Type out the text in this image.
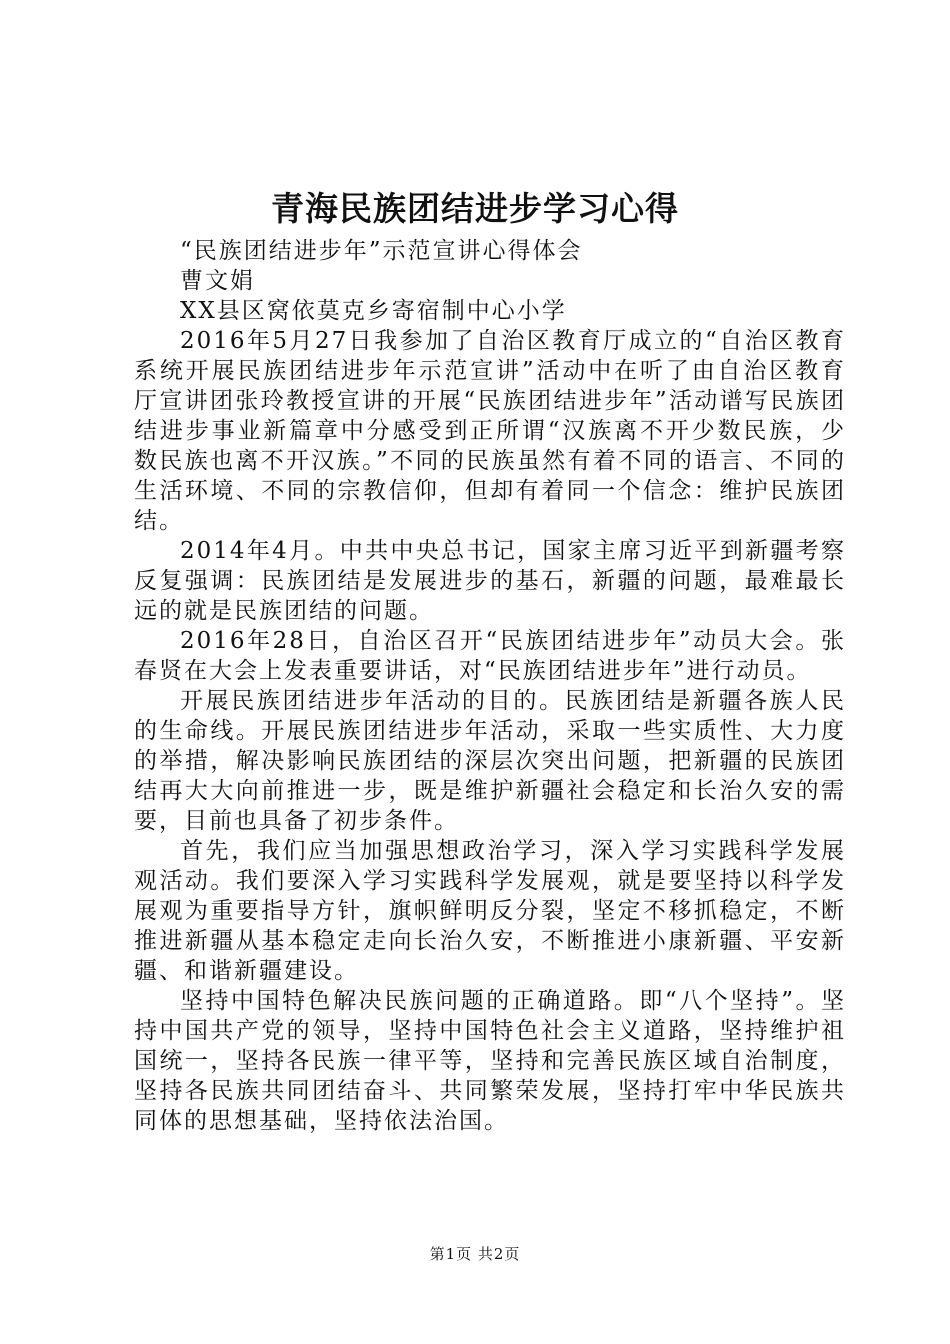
青海民族团结进步学习心得

“民族团结进步年”示范宣讲心得体会

曹文娟

XX县区窝依莫克乡寄宿制中心小学

2016年5月27日我参加了自治区教育厅成立的“自治区教育系统开展民族团结进步年示范宣讲”活动中在听了由自治区教育厅宣讲团张玲教授宣讲的开展“民族团结进步年”活动谱写民族团结进步事业新篇章中分感受到正所谓“汉族离不开少数民族，少数民族也离不开汉族。”不同的民族虽然有着不同的语言、不同的生活环境、不同的宗教信仰，但却有着同一个信念：维护民族团结。

2014年4月。中共中央总书记，国家主席习近平到新疆考察反复强调：民族团结是发展进步的基石，新疆的问题，最难最长远的就是民族团结的问题。

2016年28日，自治区召开“民族团结进步年”动员大会。张春贤在大会上发表重要讲话，对“民族团结进步年”进行动员。

开展民族团结进步年活动的目的。民族团结是新疆各族人民的生命线。开展民族团结进步年活动，采取一些实质性、大力度的举措，解决影响民族团结的深层次突出问题，把新疆的民族团结再大大向前推进一步，既是维护新疆社会稳定和长治久安的需要，目前也具备了初步条件。

首先，我们应当加强思想政治学习，深入学习实践科学发展观活动。我们要深入学习实践科学发展观，就是要坚持以科学发展观为重要指导方针，旗帜鲜明反分裂，坚定不移抓稳定，不断推进新疆从基本稳定走向长治久安，不断推进小康新疆、平安新疆、和谐新疆建设。

坚持中国特色解决民族问题的正确道路。即“八个坚持”。坚持中国共产党的领导，坚持中国特色社会主义道路，坚持维护祖国统一，坚持各民族一律平等，坚持和完善民族区域自治制度，坚持各民族共同团结奋斗、共同繁荣发展，坚持打牢中华民族共同体的思想基础，坚持依法治国。

第1页 共2页
